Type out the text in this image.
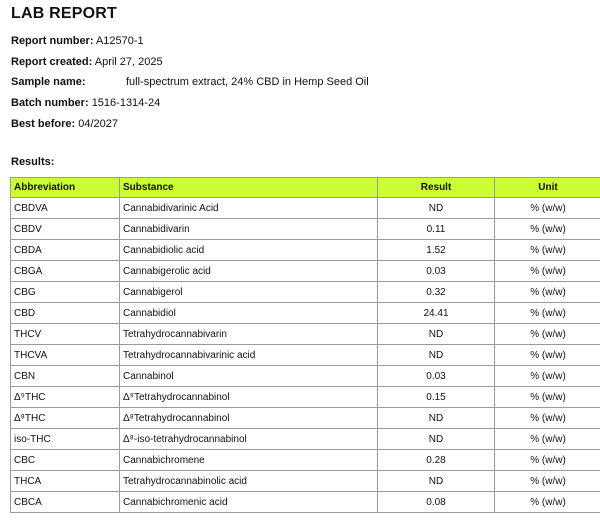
LAB REPORT
Report number: A12570-1
Report created: April 27, 2025
Sample name:	full-spectrum extract, 24% CBD in Hemp Seed Oil
Batch number: 1516-1314-24
Best before: 04/2027
Results:
Abbreviation	Substance	Result	Unit
CBDVA	Cannabidivarinic Acid	ND	% (w/w)
CBDV	Cannabidivarin	0.11	% (w/w)
CBDA	Cannabidiolic acid	1.52	% (w/w)
CBGA	Cannabigerolic acid	0.03	% (w/w)
CBG	Cannabigerol	0.32	% (w/w)
CBD	Cannabidiol	24.41	% (w/w)
THCV	Tetrahydrocannabivarin	ND	% (w/w)
THCVA	Tetrahydrocannabivarinic acid	ND	% (w/w)
CBN	Cannabinol	0.03	% (w/w)
Δ⁹THC	Δ⁹Tetrahydrocannabinol	0.15	% (w/w)
Δ⁸THC	Δ⁸Tetrahydrocannabinol	ND	% (w/w)
iso-THC	Δ⁸-iso-tetrahydrocannabinol	ND	% (w/w)
CBC	Cannabichromene	0.28	% (w/w)
THCA	Tetrahydrocannabinolic acid	ND	% (w/w)
CBCA	Cannabichromenic acid	0.08	% (w/w)
